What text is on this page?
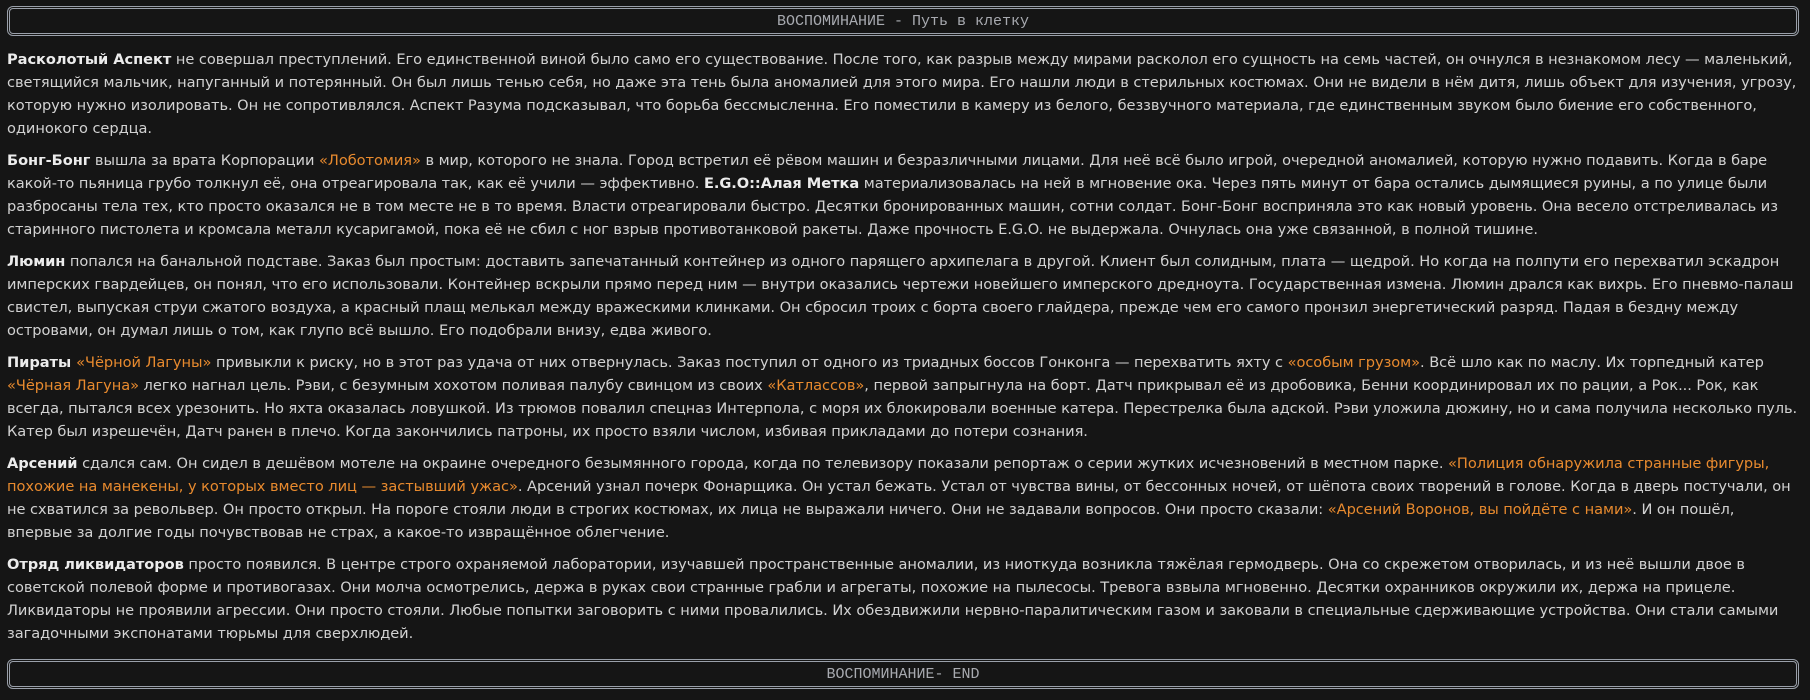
ВОСПОМИНАНИЕ - Путь в клетку

Расколотый Аспект не совершал преступлений. Его единственной виной было само его существование. После того, как разрыв между мирами расколол его сущность на семь частей, он очнулся в незнакомом лесу — маленький, светящийся мальчик, напуганный и потерянный. Он был лишь тенью себя, но даже эта тень была аномалией для этого мира. Его нашли люди в стерильных костюмах. Они не видели в нём дитя, лишь объект для изучения, угрозу, которую нужно изолировать. Он не сопротивлялся. Аспект Разума подсказывал, что борьба бессмысленна. Его поместили в камеру из белого, беззвучного материала, где единственным звуком было биение его собственного, одинокого сердца.

Бонг-Бонг вышла за врата Корпорации «Лоботомия» в мир, которого не знала. Город встретил её рёвом машин и безразличными лицами. Для неё всё было игрой, очередной аномалией, которую нужно подавить. Когда в баре какой-то пьяница грубо толкнул её, она отреагировала так, как её учили — эффективно. E.G.O::Алая Метка материализовалась на ней в мгновение ока. Через пять минут от бара остались дымящиеся руины, а по улице были разбросаны тела тех, кто просто оказался не в том месте не в то время. Власти отреагировали быстро. Десятки бронированных машин, сотни солдат. Бонг-Бонг восприняла это как новый уровень. Она весело отстреливалась из старинного пистолета и кромсала металл кусаригамой, пока её не сбил с ног взрыв противотанковой ракеты. Даже прочность E.G.O. не выдержала. Очнулась она уже связанной, в полной тишине.

Люмин попался на банальной подставе. Заказ был простым: доставить запечатанный контейнер из одного парящего архипелага в другой. Клиент был солидным, плата — щедрой. Но когда на полпути его перехватил эскадрон имперских гвардейцев, он понял, что его использовали. Контейнер вскрыли прямо перед ним — внутри оказались чертежи новейшего имперского дредноута. Государственная измена. Люмин дрался как вихрь. Его пневмо-палаш свистел, выпуская струи сжатого воздуха, а красный плащ мелькал между вражескими клинками. Он сбросил троих с борта своего глайдера, прежде чем его самого пронзил энергетический разряд. Падая в бездну между островами, он думал лишь о том, как глупо всё вышло. Его подобрали внизу, едва живого.

Пираты «Чёрной Лагуны» привыкли к риску, но в этот раз удача от них отвернулась. Заказ поступил от одного из триадных боссов Гонконга — перехватить яхту с «особым грузом». Всё шло как по маслу. Их торпедный катер «Чёрная Лагуна» легко нагнал цель. Рэви, с безумным хохотом поливая палубу свинцом из своих «Катлассов», первой запрыгнула на борт. Датч прикрывал её из дробовика, Бенни координировал их по рации, а Рок... Рок, как всегда, пытался всех урезонить. Но яхта оказалась ловушкой. Из трюмов повалил спецназ Интерпола, с моря их блокировали военные катера. Перестрелка была адской. Рэви уложила дюжину, но и сама получила несколько пуль. Катер был изрешечён, Датч ранен в плечо. Когда закончились патроны, их просто взяли числом, избивая прикладами до потери сознания.

Арсений сдался сам. Он сидел в дешёвом мотеле на окраине очередного безымянного города, когда по телевизору показали репортаж о серии жутких исчезновений в местном парке. «Полиция обнаружила странные фигуры, похожие на манекены, у которых вместо лиц — застывший ужас». Арсений узнал почерк Фонарщика. Он устал бежать. Устал от чувства вины, от бессонных ночей, от шёпота своих творений в голове. Когда в дверь постучали, он не схватился за револьвер. Он просто открыл. На пороге стояли люди в строгих костюмах, их лица не выражали ничего. Они не задавали вопросов. Они просто сказали: «Арсений Воронов, вы пойдёте с нами». И он пошёл, впервые за долгие годы почувствовав не страх, а какое-то извращённое облегчение.

Отряд ликвидаторов просто появился. В центре строго охраняемой лаборатории, изучавшей пространственные аномалии, из ниоткуда возникла тяжёлая гермодверь. Она со скрежетом отворилась, и из неё вышли двое в советской полевой форме и противогазах. Они молча осмотрелись, держа в руках свои странные грабли и агрегаты, похожие на пылесосы. Тревога взвыла мгновенно. Десятки охранников окружили их, держа на прицеле. Ликвидаторы не проявили агрессии. Они просто стояли. Любые попытки заговорить с ними провалились. Их обездвижили нервно-паралитическим газом и заковали в специальные сдерживающие устройства. Они стали самыми загадочными экспонатами тюрьмы для сверхлюдей.

ВОСПОМИНАНИЕ- END
